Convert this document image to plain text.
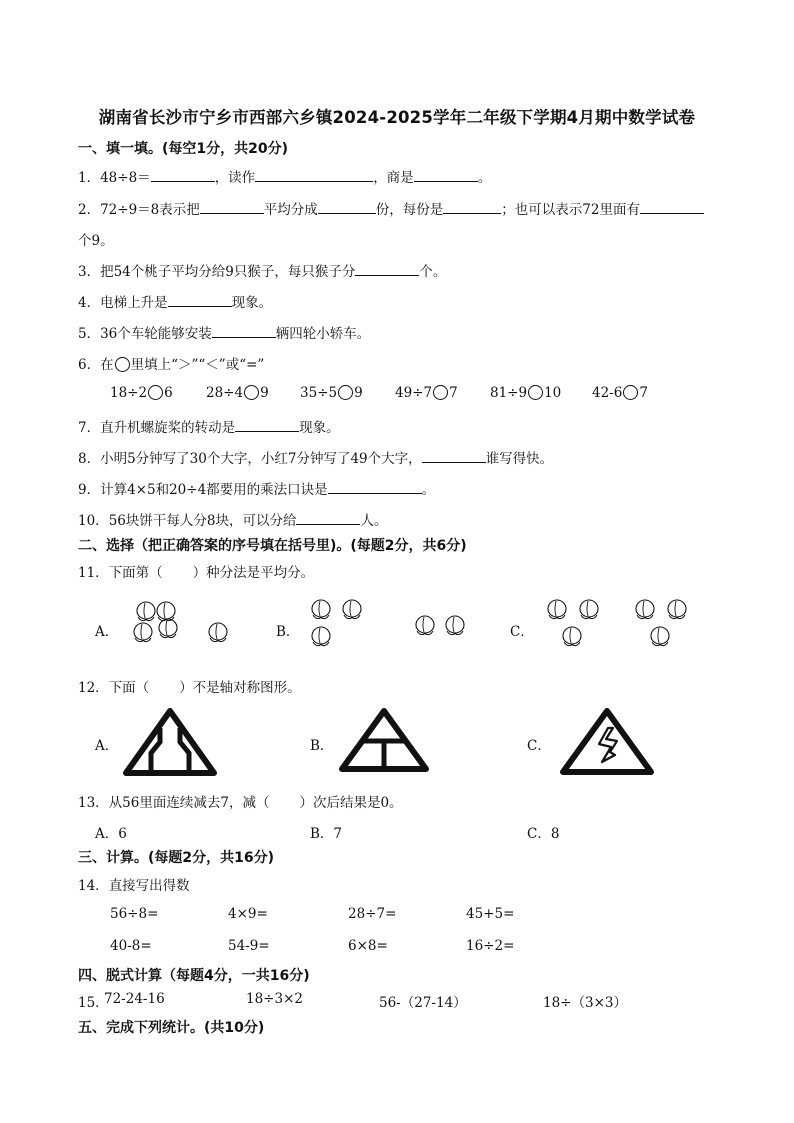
湖南省长沙市宁乡市西部六乡镇2024-2025学年二年级下学期4月期中数学试卷
一、填一填。(每空1分，共20分)
1．48÷8＝	，读作	，商是	。
2．72÷9＝8表示把	平均分成	份，每份是	；也可以表示72里面有
个9。
3．把54个桃子平均分给9只猴子，每只猴子分	个。
4．电梯上升是	现象。
5．36个车轮能够安装	辆四轮小轿车。
6．在 里填上“＞”“＜”或“=”
18÷2 6 28÷4 9 35÷5 9 49÷7 7 81÷9 10 42-6 7
7．直升机螺旋桨的转动是	现象。
8．小明5分钟写了30个大字，小红7分钟写了49个大字，	谁写得快。
9．计算4×5和20÷4都要用的乘法口诀是	。
10．56块饼干每人分8块，可以分给	人。
二、选择（把正确答案的序号填在括号里)。(每题2分，共6分)
11．下面第（ ）种分法是平均分。
A．	B．	C．
12．下面（ ）不是轴对称图形。
A．	B．	C．
13．从56里面连续减去7，减（ ）次后结果是0。
A．6	B．7	C．8
三、计算。(每题2分，共16分)
14．直接写出得数
56÷8=	4×9=	28÷7=	45+5=
40-8=	54-9=	6×8=	16÷2=
四、脱式计算（每题4分，一共16分)
15．
72-24-16	18÷3×2	56-（27-14）	18÷（3×3）
五、完成下列统计。(共10分)
